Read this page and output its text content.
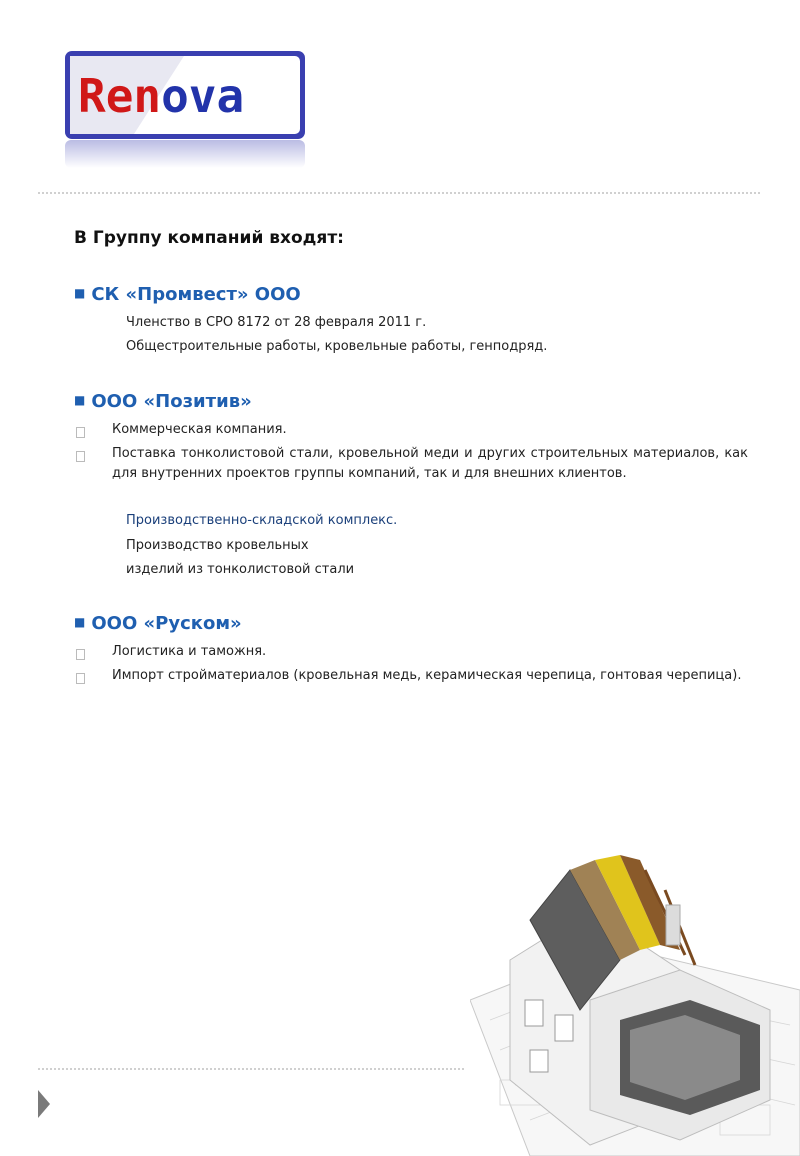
Renova
В Группу компаний входят:
■ СК «Промвест» ООО
Членство в СРО 8172 от 28 февраля 2011 г.
Общестроительные работы, кровельные работы, генподряд.
■ ООО «Позитив»
Коммерческая компания.
Поставка тонколистовой стали, кровельной меди и других строительных материалов, как для внутренних проектов группы компаний, так и для внешних клиентов.
Производственно-складской комплекс.
Производство кровельных
изделий из тонколистовой стали
■ ООО «Руском»
Логистика и таможня.
Импорт стройматериалов (кровельная медь, керамическая черепица, гонтовая черепица).
